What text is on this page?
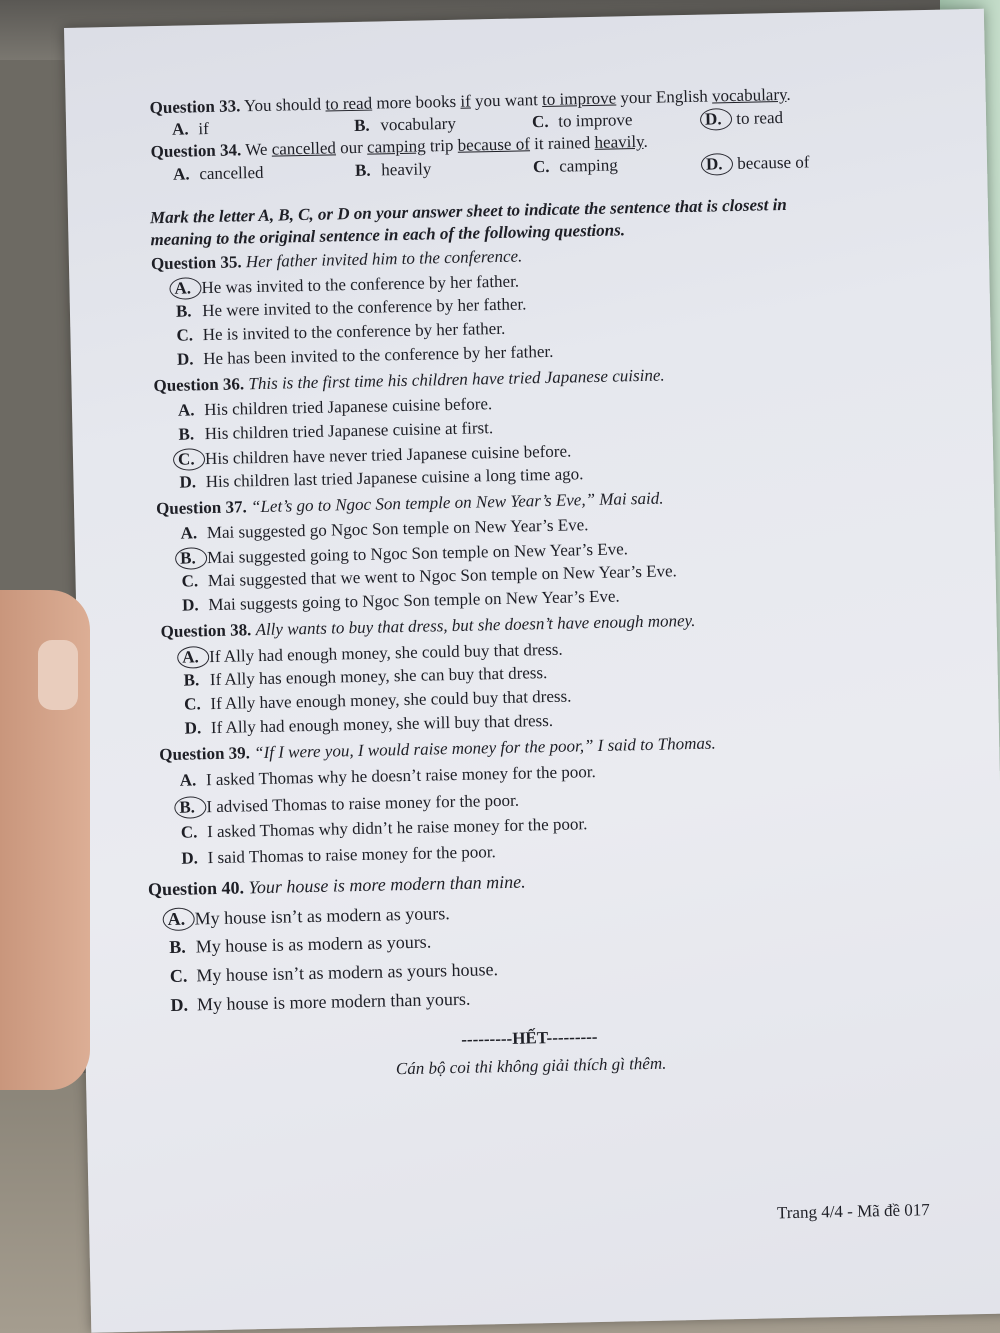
Question 33. You should to read more books if you want to improve your English vocabulary.
A. if	B. vocabulary	C. to improve	D. to read
Question 34. We cancelled our camping trip because of it rained heavily.
A. cancelled	B. heavily	C. camping	D. because of
Mark the letter A, B, C, or D on your answer sheet to indicate the sentence that is closest in
meaning to the original sentence in each of the following questions.
Question 35. Her father invited him to the conference.
A. He was invited to the conference by her father.
B. He were invited to the conference by her father.
C. He is invited to the conference by her father.
D. He has been invited to the conference by her father.
Question 36. This is the first time his children have tried Japanese cuisine.
A. His children tried Japanese cuisine before.
B. His children tried Japanese cuisine at first.
C. His children have never tried Japanese cuisine before.
D. His children last tried Japanese cuisine a long time ago.
Question 37. “Let’s go to Ngoc Son temple on New Year’s Eve,” Mai said.
A. Mai suggested go Ngoc Son temple on New Year’s Eve.
B. Mai suggested going to Ngoc Son temple on New Year’s Eve.
C. Mai suggested that we went to Ngoc Son temple on New Year’s Eve.
D. Mai suggests going to Ngoc Son temple on New Year’s Eve.
Question 38. Ally wants to buy that dress, but she doesn’t have enough money.
A. If Ally had enough money, she could buy that dress.
B. If Ally has enough money, she can buy that dress.
C. If Ally have enough money, she could buy that dress.
D. If Ally had enough money, she will buy that dress.
Question 39. “If I were you, I would raise money for the poor,” I said to Thomas.
A. I asked Thomas why he doesn’t raise money for the poor.
B. I advised Thomas to raise money for the poor.
C. I asked Thomas why didn’t he raise money for the poor.
D. I said Thomas to raise money for the poor.
Question 40. Your house is more modern than mine.
A. My house isn’t as modern as yours.
B. My house is as modern as yours.
C. My house isn’t as modern as yours house.
D. My house is more modern than yours.
---------HẾT---------
Cán bộ coi thi không giải thích gì thêm.
Trang 4/4 - Mã đề 017
